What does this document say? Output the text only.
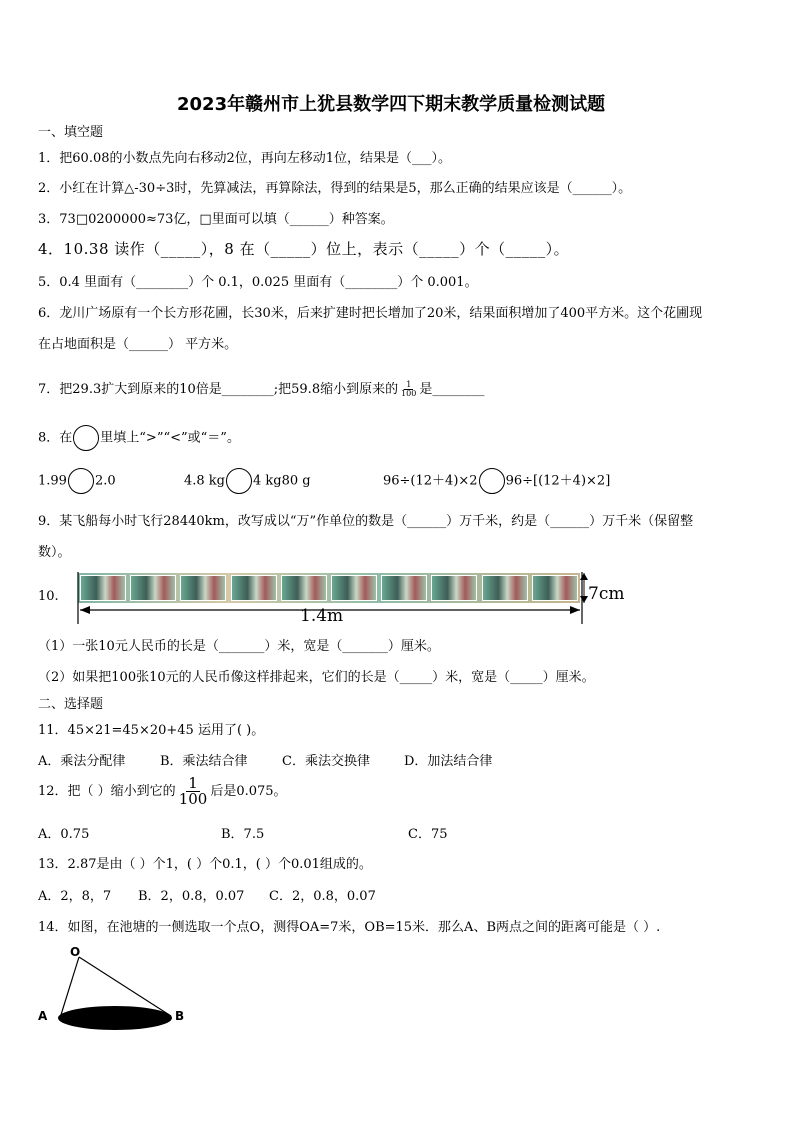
2023年赣州市上犹县数学四下期末教学质量检测试题
一、填空题
1．把60.08的小数点先向右移动2位，再向左移动1位，结果是（___）。
2．小红在计算△-30÷3时，先算减法，再算除法，得到的结果是5，那么正确的结果应该是（______）。
3．73□0200000≈73亿，□里面可以填（______）种答案。
4．10.38 读作（_____），8 在（_____）位上，表示（_____）个（_____）。
5．0.4 里面有（________）个 0.1，0.025 里面有（________）个 0.001。
6．龙川广场原有一个长方形花圃，长30米，后来扩建时把长增加了20米，结果面积增加了400平方米。这个花圃现
在占地面积是（______） 平方米。
7．把29.3扩大到原来的10倍是________;把59.8缩小到原来的 $\frac{1}{100}$ 是________
8．在 里填上“>”“<”或“＝”。
1.99 2.0	4.8 kg 4 kg80 g	96÷(12＋4)×2 96÷[(12＋4)×2]
9．某飞船每小时飞行28440km，改写成以“万”作单位的数是（______）万千米，约是（______）万千米（保留整
数）。
10.
1.4m
7cm
（1）一张10元人民币的长是（_______）米，宽是（_______）厘米。
（2）如果把100张10元的人民币像这样排起来，它们的长是（_____）米，宽是（_____）厘米。
二、选择题
11．45×21=45×20+45 运用了( )。
A．乘法分配律	B．乘法结合律	C．乘法交换律	D．加法结合律
12．把（ ）缩小到它的 $\frac{1}{100}$ 后是0.075。
A．0.75	B．7.5	C．75
13．2.87是由（ ）个1，( ）个0.1，( ）个0.01组成的。
A．2，8，7 B．2，0.8，0.07 C．2，0.8，0.07
14．如图，在池塘的一侧选取一个点O，测得OA=7米，OB=15米．那么A、B两点之间的距离可能是（ ）.
O
A	B
